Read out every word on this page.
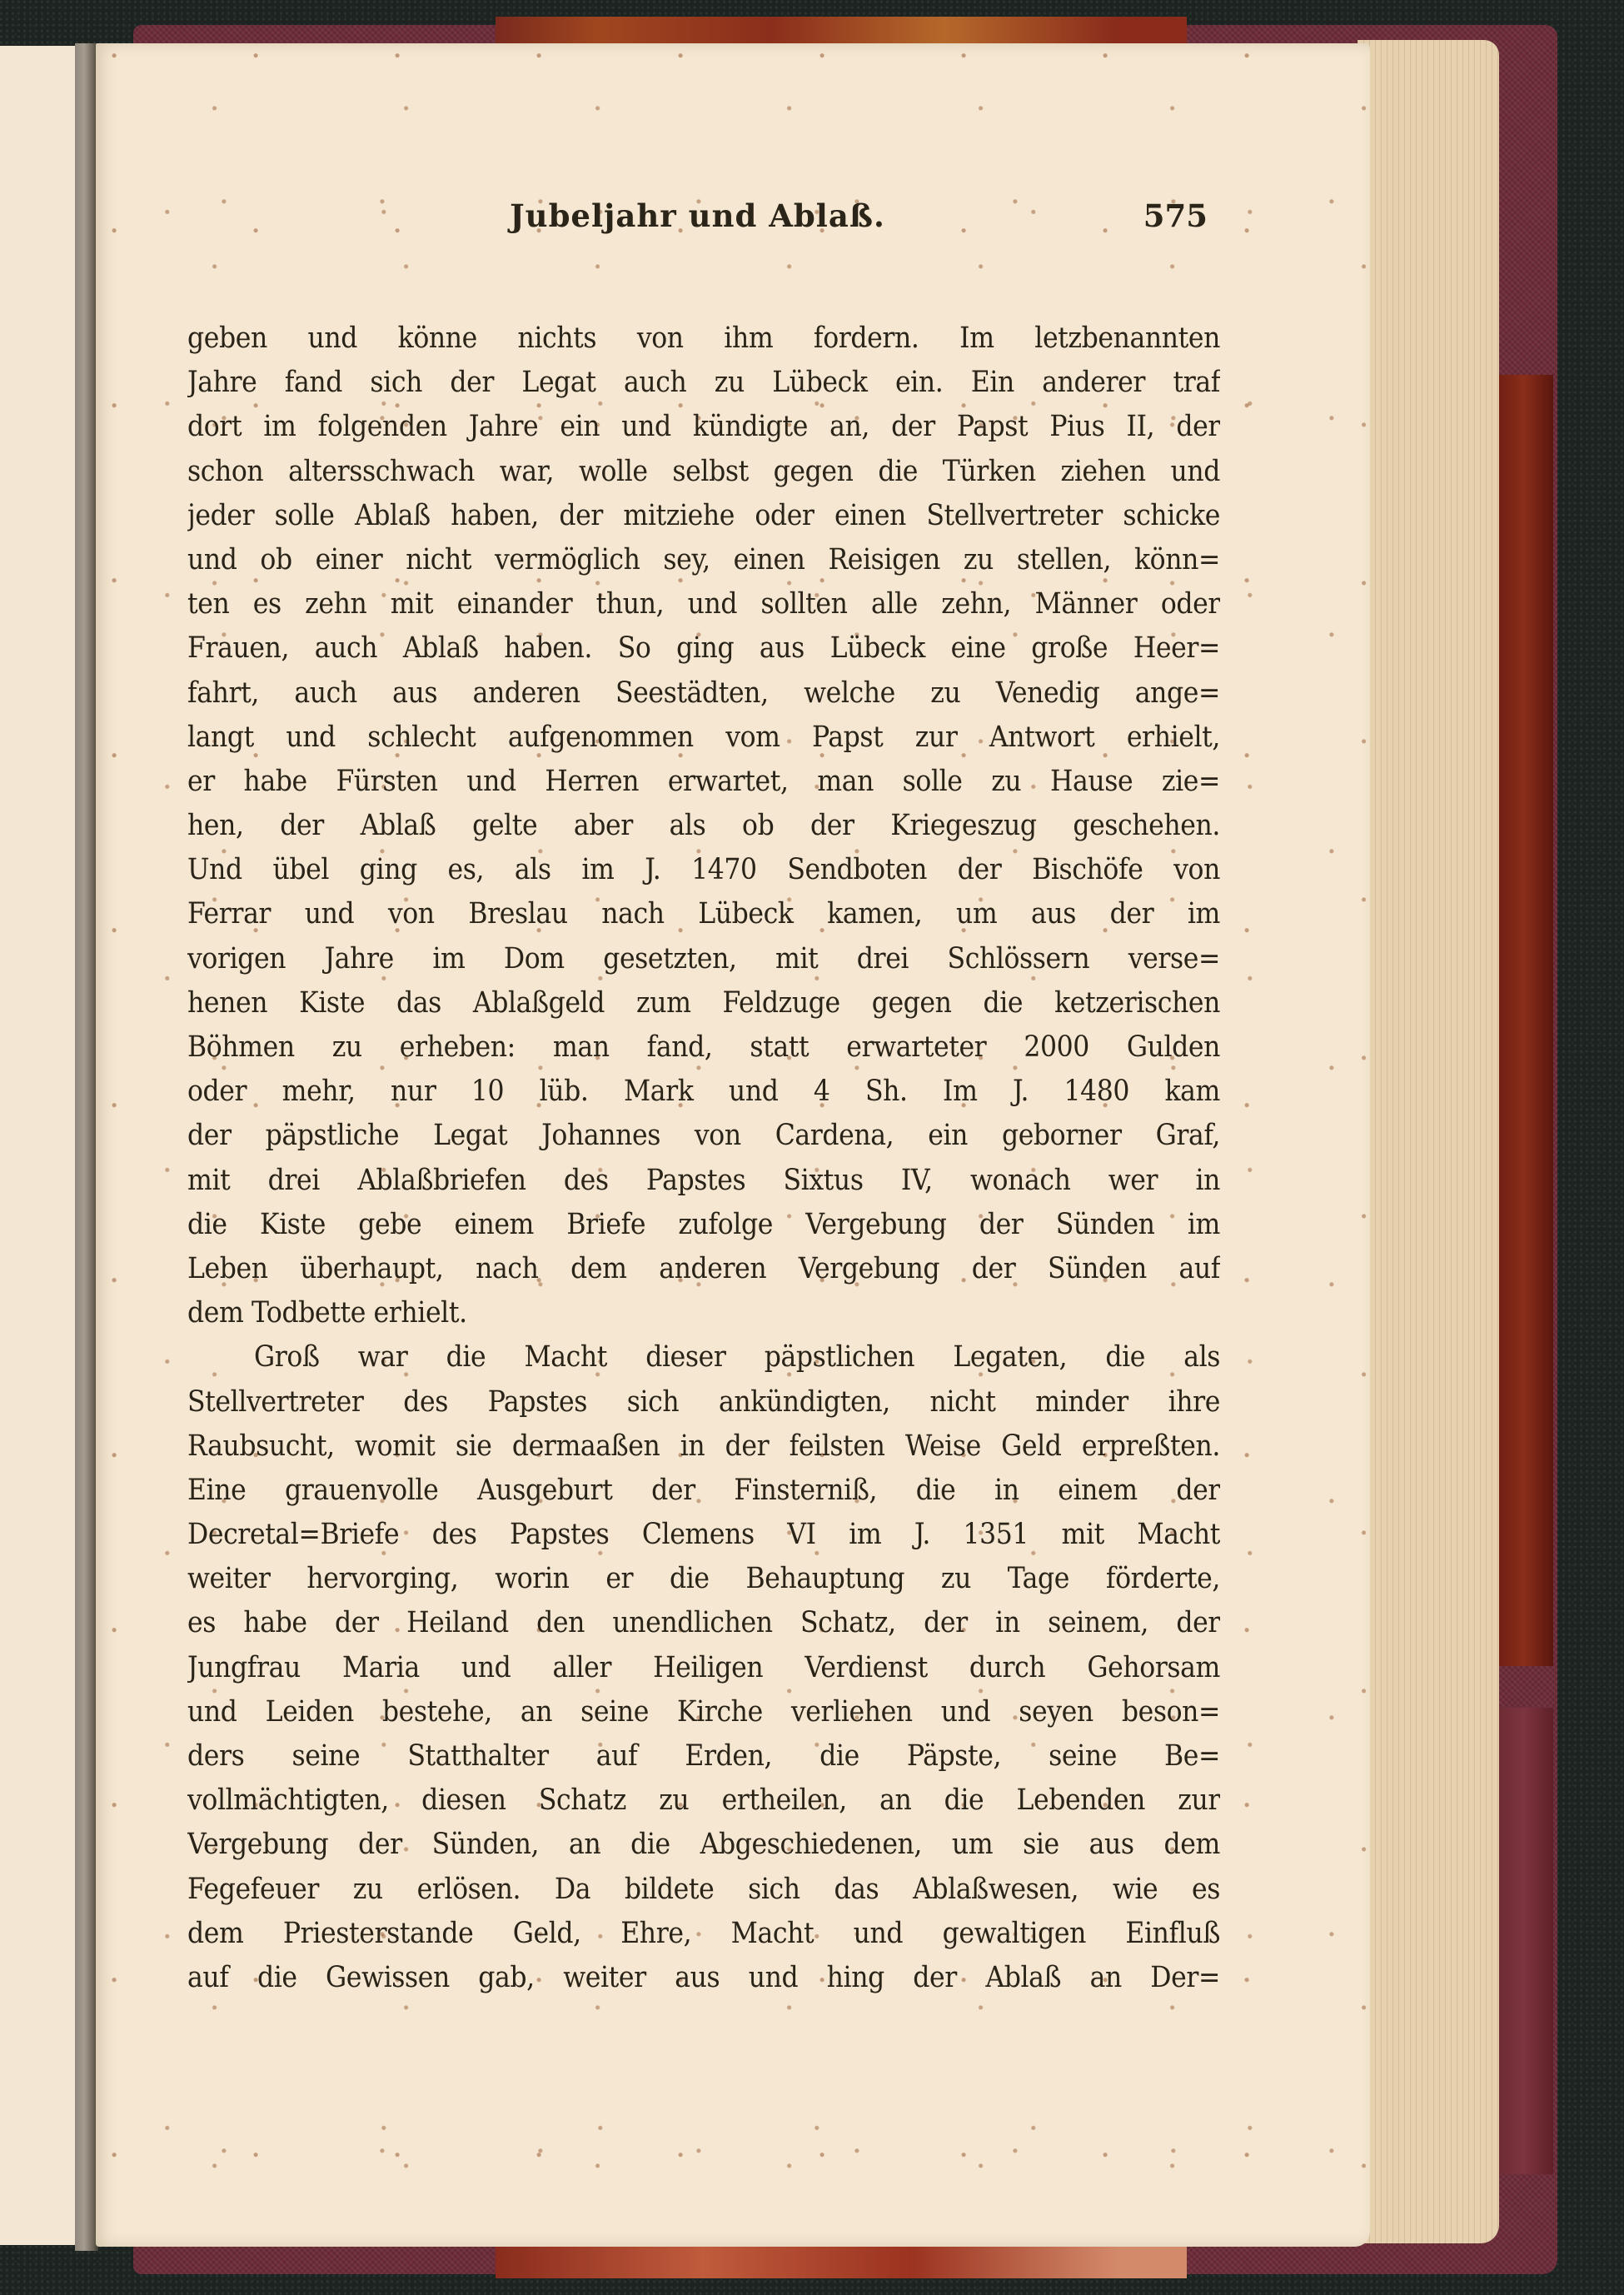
Jubeljahr und Ablaß.	575
geben und könne nichts von ihm fordern. Im letzbenannten
Jahre fand sich der Legat auch zu Lübeck ein. Ein anderer traf
dort im folgenden Jahre ein und kündigte an, der Papst Pius II, der
schon altersschwach war, wolle selbst gegen die Türken ziehen und
jeder solle Ablaß haben, der mitziehe oder einen Stellvertreter schicke
und ob einer nicht vermöglich sey, einen Reisigen zu stellen, könn=
ten es zehn mit einander thun, und sollten alle zehn, Männer oder
Frauen, auch Ablaß haben. So ging aus Lübeck eine große Heer=
fahrt, auch aus anderen Seestädten, welche zu Venedig ange=
langt und schlecht aufgenommen vom Papst zur Antwort erhielt,
er habe Fürsten und Herren erwartet, man solle zu Hause zie=
hen, der Ablaß gelte aber als ob der Kriegeszug geschehen.
Und übel ging es, als im J. 1470 Sendboten der Bischöfe von
Ferrar und von Breslau nach Lübeck kamen, um aus der im
vorigen Jahre im Dom gesetzten, mit drei Schlössern verse=
henen Kiste das Ablaßgeld zum Feldzuge gegen die ketzerischen
Böhmen zu erheben: man fand, statt erwarteter 2000 Gulden
oder mehr, nur 10 lüb. Mark und 4 Sh. Im J. 1480 kam
der päpstliche Legat Johannes von Cardena, ein geborner Graf,
mit drei Ablaßbriefen des Papstes Sixtus IV, wonach wer in
die Kiste gebe einem Briefe zufolge Vergebung der Sünden im
Leben überhaupt, nach dem anderen Vergebung der Sünden auf
dem Todbette erhielt.
Groß war die Macht dieser päpstlichen Legaten, die als
Stellvertreter des Papstes sich ankündigten, nicht minder ihre
Raubsucht, womit sie dermaaßen in der feilsten Weise Geld erpreßten.
Eine grauenvolle Ausgeburt der Finsterniß, die in einem der
Decretal=Briefe des Papstes Clemens VI im J. 1351 mit Macht
weiter hervorging, worin er die Behauptung zu Tage förderte,
es habe der Heiland den unendlichen Schatz, der in seinem, der
Jungfrau Maria und aller Heiligen Verdienst durch Gehorsam
und Leiden bestehe, an seine Kirche verliehen und seyen beson=
ders seine Statthalter auf Erden, die Päpste, seine Be=
vollmächtigten, diesen Schatz zu ertheilen, an die Lebenden zur
Vergebung der Sünden, an die Abgeschiedenen, um sie aus dem
Fegefeuer zu erlösen. Da bildete sich das Ablaßwesen, wie es
dem Priesterstande Geld, Ehre, Macht und gewaltigen Einfluß
auf die Gewissen gab, weiter aus und hing der Ablaß an Der=
